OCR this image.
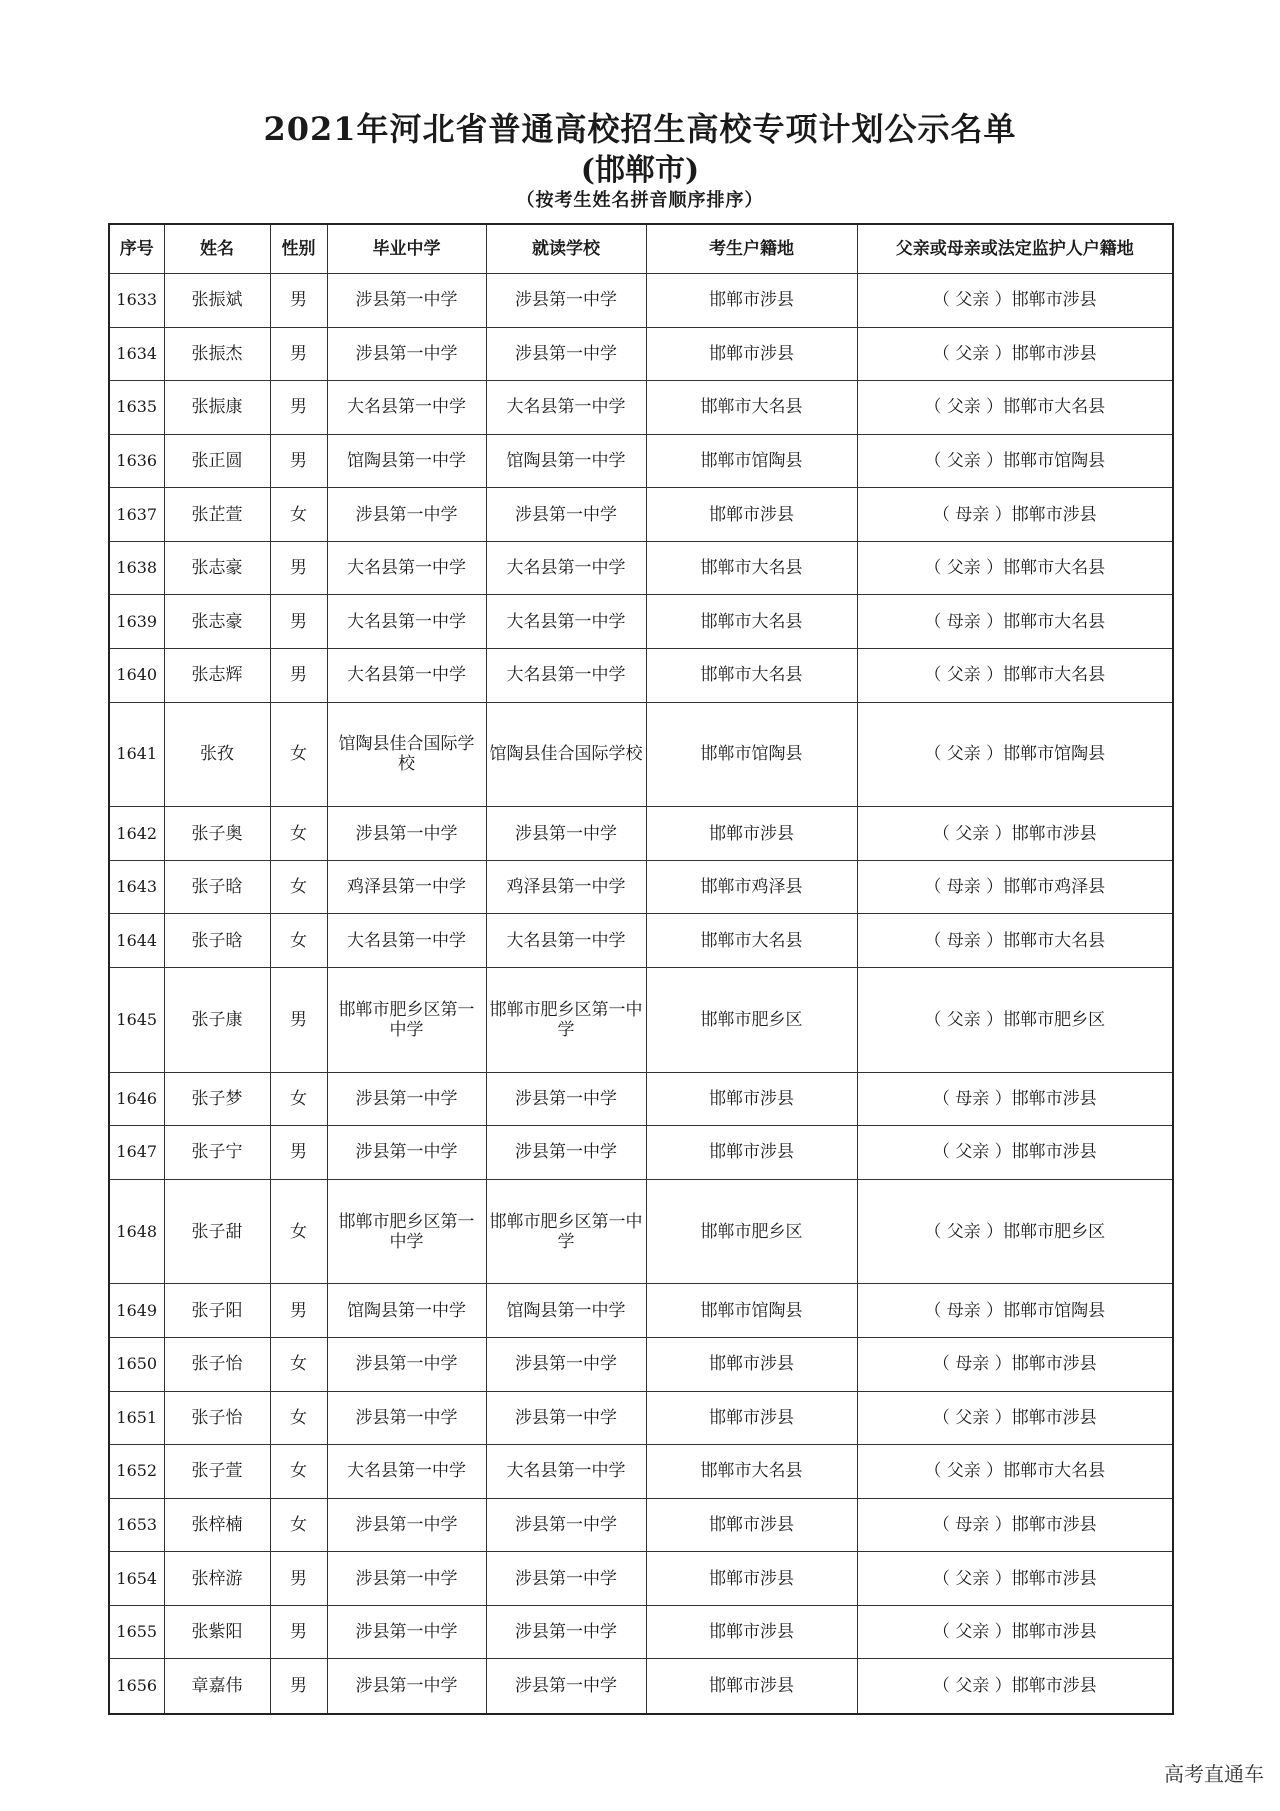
2021年河北省普通高校招生高校专项计划公示名单
(邯郸市)
（按考生姓名拼音顺序排序）
序号	姓名	性别	毕业中学	就读学校	考生户籍地	父亲或母亲或法定监护人户籍地
1633	张振斌	男	涉县第一中学	涉县第一中学	邯郸市涉县	（ 父亲 ）邯郸市涉县
1634	张振杰	男	涉县第一中学	涉县第一中学	邯郸市涉县	（ 父亲 ）邯郸市涉县
1635	张振康	男	大名县第一中学	大名县第一中学	邯郸市大名县	（ 父亲 ）邯郸市大名县
1636	张正圆	男	馆陶县第一中学	馆陶县第一中学	邯郸市馆陶县	（ 父亲 ）邯郸市馆陶县
1637	张芷萱	女	涉县第一中学	涉县第一中学	邯郸市涉县	（ 母亲 ）邯郸市涉县
1638	张志豪	男	大名县第一中学	大名县第一中学	邯郸市大名县	（ 父亲 ）邯郸市大名县
1639	张志豪	男	大名县第一中学	大名县第一中学	邯郸市大名县	（ 母亲 ）邯郸市大名县
1640	张志辉	男	大名县第一中学	大名县第一中学	邯郸市大名县	（ 父亲 ）邯郸市大名县
1641	张孜	女	馆陶县佳合国际学校	馆陶县佳合国际学校	邯郸市馆陶县	（ 父亲 ）邯郸市馆陶县
1642	张子奥	女	涉县第一中学	涉县第一中学	邯郸市涉县	（ 父亲 ）邯郸市涉县
1643	张子晗	女	鸡泽县第一中学	鸡泽县第一中学	邯郸市鸡泽县	（ 母亲 ）邯郸市鸡泽县
1644	张子晗	女	大名县第一中学	大名县第一中学	邯郸市大名县	（ 母亲 ）邯郸市大名县
1645	张子康	男	邯郸市肥乡区第一中学	邯郸市肥乡区第一中学	邯郸市肥乡区	（ 父亲 ）邯郸市肥乡区
1646	张子梦	女	涉县第一中学	涉县第一中学	邯郸市涉县	（ 母亲 ）邯郸市涉县
1647	张子宁	男	涉县第一中学	涉县第一中学	邯郸市涉县	（ 父亲 ）邯郸市涉县
1648	张子甜	女	邯郸市肥乡区第一中学	邯郸市肥乡区第一中学	邯郸市肥乡区	（ 父亲 ）邯郸市肥乡区
1649	张子阳	男	馆陶县第一中学	馆陶县第一中学	邯郸市馆陶县	（ 母亲 ）邯郸市馆陶县
1650	张子怡	女	涉县第一中学	涉县第一中学	邯郸市涉县	（ 母亲 ）邯郸市涉县
1651	张子怡	女	涉县第一中学	涉县第一中学	邯郸市涉县	（ 父亲 ）邯郸市涉县
1652	张子萱	女	大名县第一中学	大名县第一中学	邯郸市大名县	（ 父亲 ）邯郸市大名县
1653	张梓楠	女	涉县第一中学	涉县第一中学	邯郸市涉县	（ 母亲 ）邯郸市涉县
1654	张梓游	男	涉县第一中学	涉县第一中学	邯郸市涉县	（ 父亲 ）邯郸市涉县
1655	张紫阳	男	涉县第一中学	涉县第一中学	邯郸市涉县	（ 父亲 ）邯郸市涉县
1656	章嘉伟	男	涉县第一中学	涉县第一中学	邯郸市涉县	（ 父亲 ）邯郸市涉县
高考直通车
